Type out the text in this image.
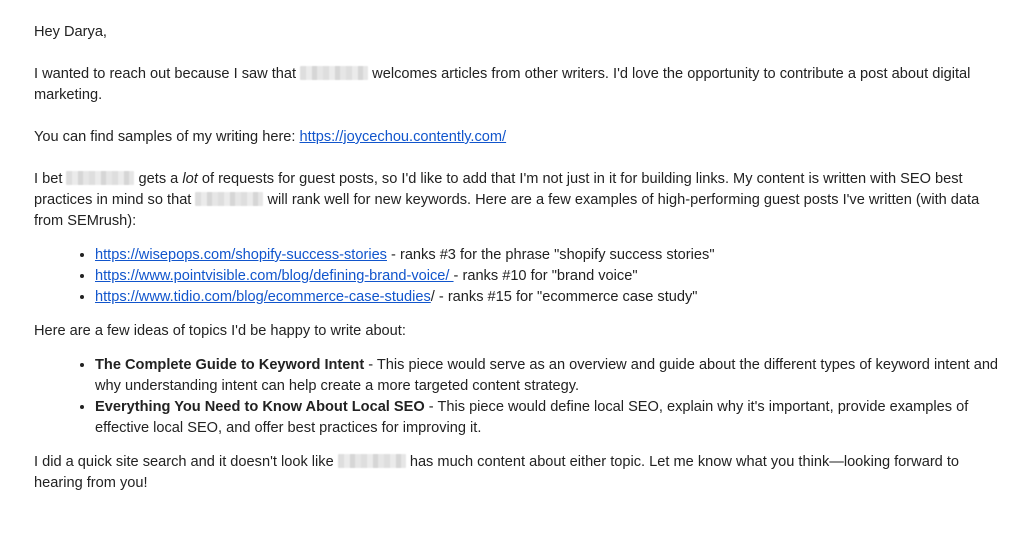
Hey Darya,

I wanted to reach out because I saw that	welcomes articles from other writers. I'd love the opportunity to contribute a post about digital marketing.

You can find samples of my writing here: https://joycechou.contently.com/

I bet	gets a lot of requests for guest posts, so I'd like to add that I'm not just in it for building links. My content is written with SEO best practices in mind so that	will rank well for new keywords. Here are a few examples of high-performing guest posts I've written (with data from SEMrush):

• https://wisepops.com/shopify-success-stories - ranks #3 for the phrase "shopify success stories"
• https://www.pointvisible.com/blog/defining-brand-voice/ - ranks #10 for "brand voice"
• https://www.tidio.com/blog/ecommerce-case-studies/ - ranks #15 for "ecommerce case study"

Here are a few ideas of topics I'd be happy to write about:

• The Complete Guide to Keyword Intent - This piece would serve as an overview and guide about the different types of keyword intent and why understanding intent can help create a more targeted content strategy.
• Everything You Need to Know About Local SEO - This piece would define local SEO, explain why it's important, provide examples of effective local SEO, and offer best practices for improving it.

I did a quick site search and it doesn't look like	has much content about either topic. Let me know what you think—looking forward to hearing from you!
